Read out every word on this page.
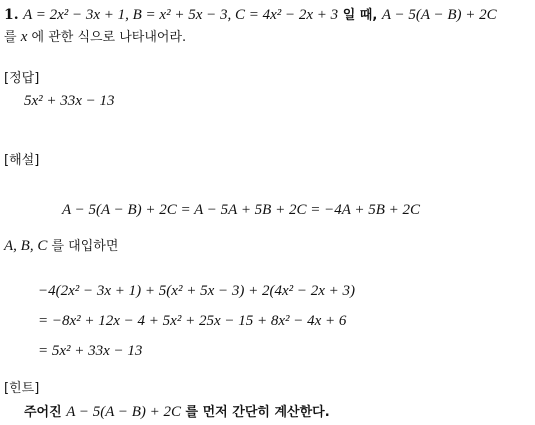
1. A = 2x² − 3x + 1, B = x² + 5x − 3, C = 4x² − 2x + 3 일 때, A − 5(A − B) + 2C
를 x 에 관한 식으로 나타내어라.
[정답]
5x² + 33x − 13
[해설]
A − 5(A − B) + 2C = A − 5A + 5B + 2C = −4A + 5B + 2C
A, B, C 를 대입하면
−4(2x² − 3x + 1) + 5(x² + 5x − 3) + 2(4x² − 2x + 3)
= −8x² + 12x − 4 + 5x² + 25x − 15 + 8x² − 4x + 6
= 5x² + 33x − 13
[힌트]
주어진 A − 5(A − B) + 2C 를 먼저 간단히 계산한다.
